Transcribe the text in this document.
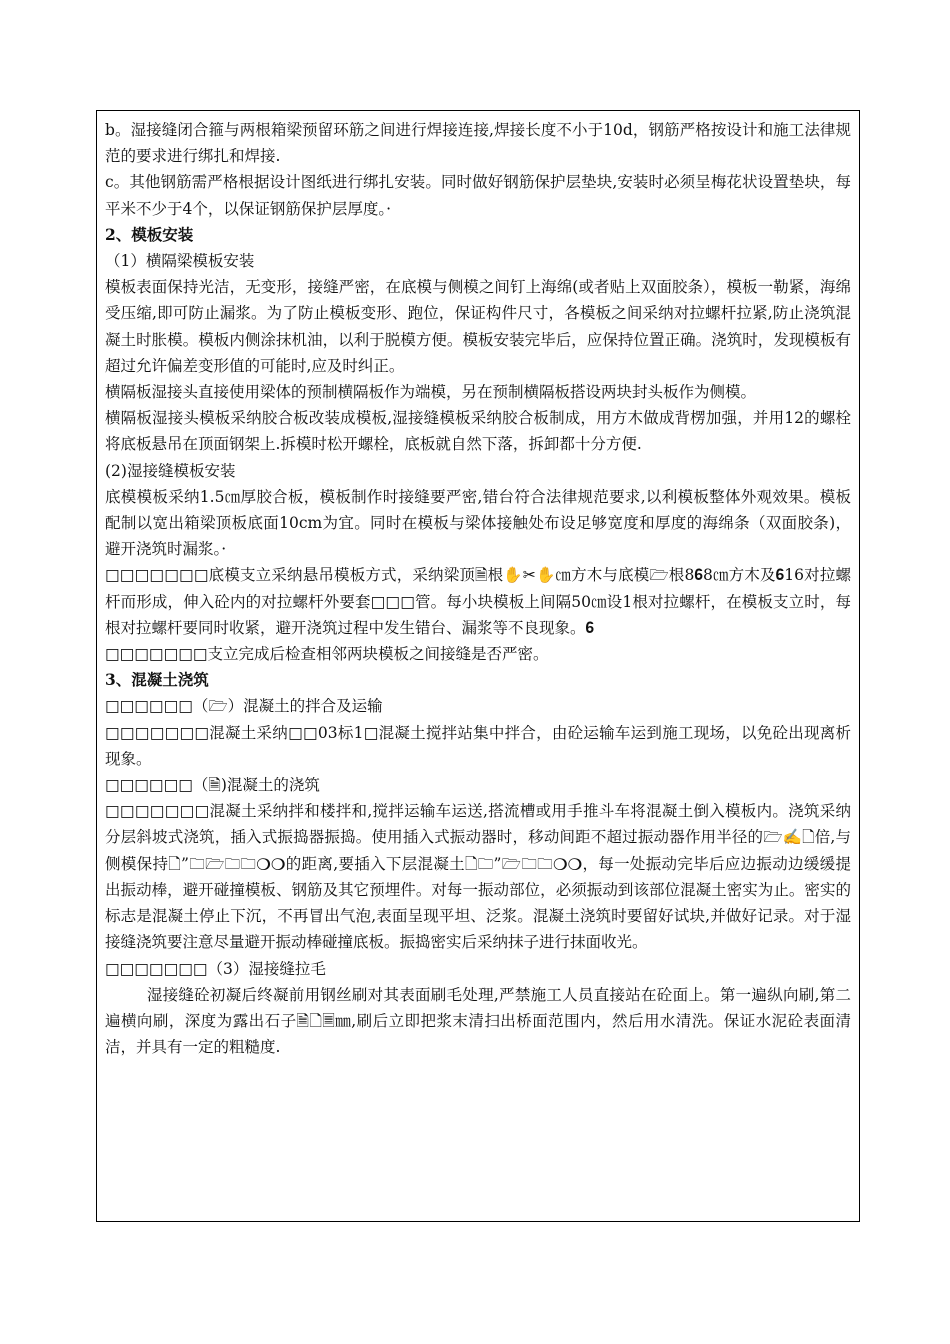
b。湿接缝闭合箍与两根箱梁预留环筋之间进行焊接连接,焊接长度不小于10d，钢筋严格按设计和施工法律规范的要求进行绑扎和焊接.

c。其他钢筋需严格根据设计图纸进行绑扎安装。同时做好钢筋保护层垫块,安装时必须呈梅花状设置垫块，每平米不少于4个，以保证钢筋保护层厚度。·

2、模板安装

（1）横隔梁模板安装

模板表面保持光洁，无变形，接缝严密，在底模与侧模之间钉上海绵(或者贴上双面胶条），模板一勒紧，海绵受压缩,即可防止漏浆。为了防止模板变形、跑位，保证构件尺寸，各模板之间采纳对拉螺杆拉紧,防止浇筑混凝土时胀模。模板内侧涂抹机油，以利于脱模方便。模板安装完毕后，应保持位置正确。浇筑时，发现模板有超过允许偏差变形值的可能时,应及时纠正。

横隔板湿接头直接使用梁体的预制横隔板作为端模，另在预制横隔板搭设两块封头板作为侧模。

横隔板湿接头模板采纳胶合板改装成模板,湿接缝模板采纳胶合板制成，用方木做成背楞加强，并用12的螺栓将底板悬吊在顶面钢架上.拆模时松开螺栓，底板就自然下落，拆卸都十分方便.

(2)湿接缝模板安装

底模模板采纳1.5㎝厚胶合板，模板制作时接缝要严密,错台符合法律规范要求,以利模板整体外观效果。模板配制以宽出箱梁顶板底面10cm为宜。同时在模板与梁体接触处布设足够宽度和厚度的海绵条（双面胶条)，避开浇筑时漏浆。·

□□□□□□□底模支立采纳悬吊模板方式，采纳梁顶🗎根✋✂✋㎝方木与底模🗁根8𝟔8㎝方木及𝟔16对拉螺杆而形成，伸入砼内的对拉螺杆外要套□□□管。每小块模板上间隔50㎝设1根对拉螺杆，在模板支立时，每根对拉螺杆要同时收紧，避开浇筑过程中发生错台、漏浆等不良现象。𝟔

□□□□□□□支立完成后检查相邻两块模板之间接缝是否严密。

3、混凝土浇筑

□□□□□□（🗁）混凝土的拌合及运输

□□□□□□□混凝土采纳□□03标1□混凝土搅拌站集中拌合，由砼运输车运到施工现场，以免砼出现离析现象。

□□□□□□（🗎)混凝土的浇筑

□□□□□□□混凝土采纳拌和楼拌和,搅拌运输车运送,搭流槽或用手推斗车将混凝土倒入模板内。浇筑采纳分层斜坡式浇筑，插入式振捣器振捣。使用插入式振动器时，移动间距不超过振动器作用半径的🗁✍🗋倍,与侧模保持🗋”🗀🗁🗀🗀❍❍的距离,要插入下层混凝土🗋🗀”🗁🗀🗀❍❍，每一处振动完毕后应边振动边缓缓提出振动棒，避开碰撞模板、钢筋及其它预埋件。对每一振动部位，必须振动到该部位混凝土密实为止。密实的标志是混凝土停止下沉，不再冒出气泡,表面呈现平坦、泛浆。混凝土浇筑时要留好试块,并做好记录。对于湿接缝浇筑要注意尽量避开振动棒碰撞底板。振捣密实后采纳抹子进行抹面收光。

□□□□□□□（3）湿接缝拉毛

湿接缝砼初凝后终凝前用钢丝刷对其表面刷毛处理,严禁施工人员直接站在砼面上。第一遍纵向刷,第二遍横向刷，深度为露出石子🗎🗋🗏㎜,刷后立即把浆末清扫出桥面范围内，然后用水清洗。保证水泥砼表面清洁，并具有一定的粗糙度.
